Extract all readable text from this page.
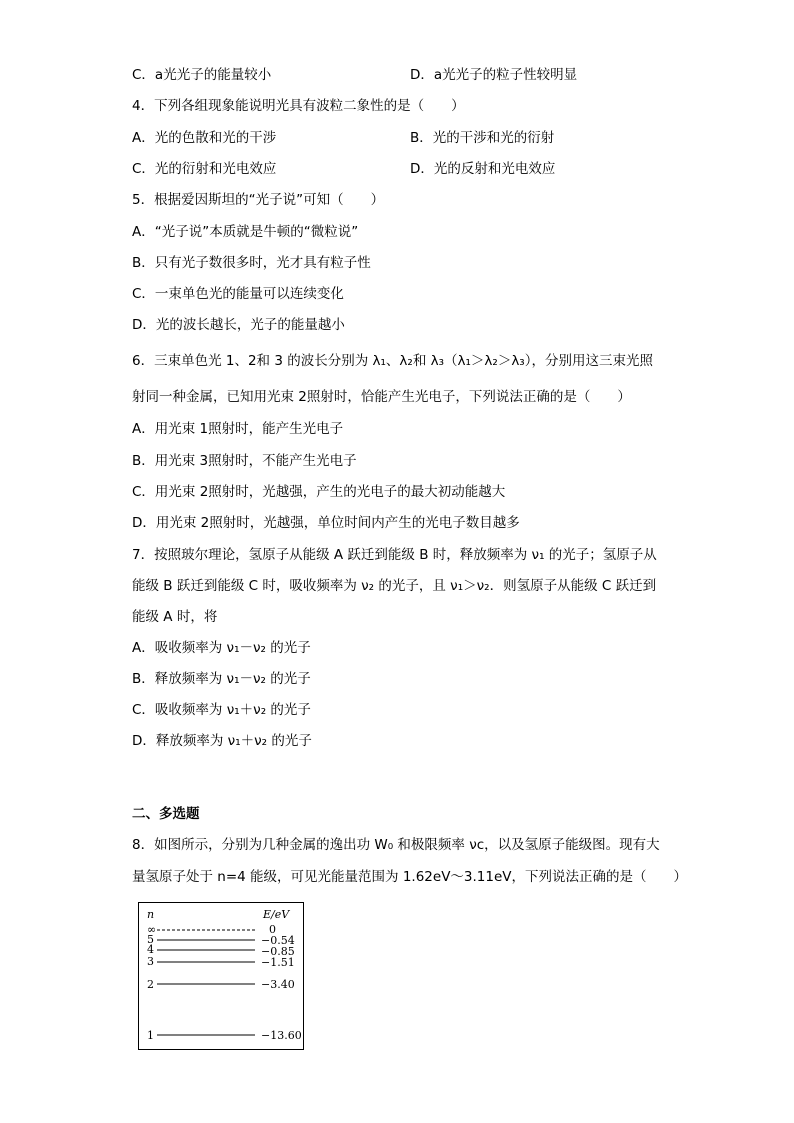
C．a光光子的能量较小	D．a光光子的粒子性较明显
4．下列各组现象能说明光具有波粒二象性的是（　　）
A．光的色散和光的干涉	B．光的干涉和光的衍射
C．光的衍射和光电效应	D．光的反射和光电效应
5．根据爱因斯坦的“光子说”可知（　　）
A．“光子说”本质就是牛顿的“微粒说”
B．只有光子数很多时，光才具有粒子性
C．一束单色光的能量可以连续变化
D．光的波长越长，光子的能量越小
6．三束单色光 1、2和 3 的波长分别为 λ₁、λ₂和 λ₃（λ₁＞λ₂＞λ₃），分别用这三束光照
射同一种金属，已知用光束 2照射时，恰能产生光电子，下列说法正确的是（　　）
A．用光束 1照射时，能产生光电子
B．用光束 3照射时，不能产生光电子
C．用光束 2照射时，光越强，产生的光电子的最大初动能越大
D．用光束 2照射时，光越强，单位时间内产生的光电子数目越多
7．按照玻尔理论，氢原子从能级 A 跃迁到能级 B 时，释放频率为 ν₁ 的光子；氢原子从
能级 B 跃迁到能级 C 时，吸收频率为 ν₂ 的光子，且 ν₁＞ν₂．则氢原子从能级 C 跃迁到
能级 A 时，将
A．吸收频率为 ν₁－ν₂ 的光子
B．释放频率为 ν₁－ν₂ 的光子
C．吸收频率为 ν₁＋ν₂ 的光子
D．释放频率为 ν₁＋ν₂ 的光子
二、多选题
8．如图所示，分别为几种金属的逸出功 W₀ 和极限频率 νc，以及氢原子能级图。现有大
量氢原子处于 n=4 能级，可见光能量范围为 1.62eV～3.11eV，下列说法正确的是（　　）
n	E/eV
∞	0
5	−0.54
4	−0.85
3	−1.51
2	−3.40
1	−13.60
